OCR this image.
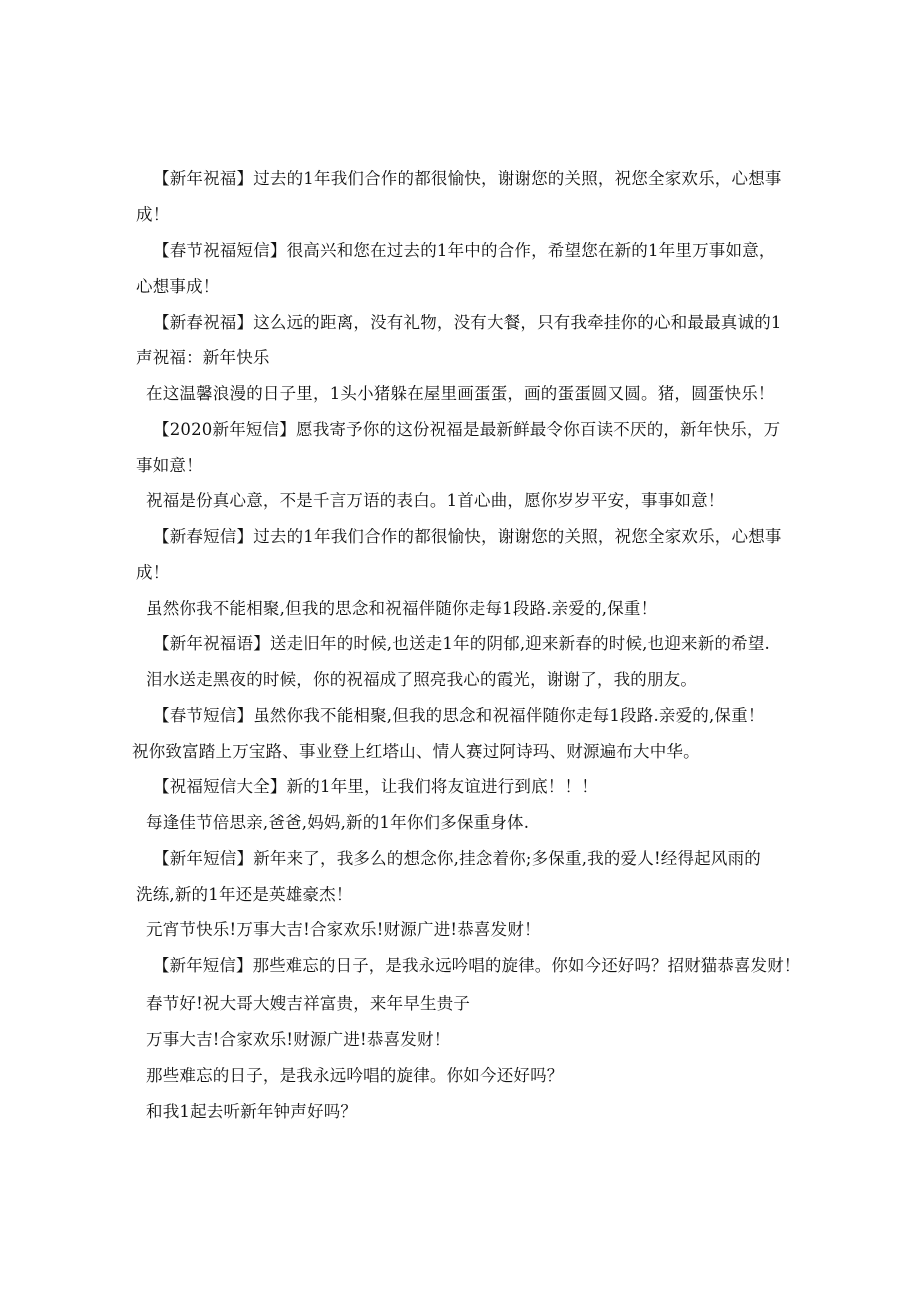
【新年祝福】过去的1年我们合作的都很愉快，谢谢您的关照，祝您全家欢乐，心想事
成！
【春节祝福短信】很高兴和您在过去的1年中的合作，希望您在新的1年里万事如意，
心想事成！
【新春祝福】这么远的距离，没有礼物，没有大餐，只有我牵挂你的心和最最真诚的1
声祝福：新年快乐
在这温馨浪漫的日子里，1头小猪躲在屋里画蛋蛋，画的蛋蛋圆又圆。猪，圆蛋快乐！
【2020新年短信】愿我寄予你的这份祝福是最新鲜最令你百读不厌的，新年快乐，万
事如意！
祝福是份真心意，不是千言万语的表白。1首心曲，愿你岁岁平安，事事如意！
【新春短信】过去的1年我们合作的都很愉快，谢谢您的关照，祝您全家欢乐，心想事
成！
虽然你我不能相聚,但我的思念和祝福伴随你走每1段路.亲爱的,保重！
【新年祝福语】送走旧年的时候,也送走1年的阴郁,迎来新春的时候,也迎来新的希望.
泪水送走黑夜的时候，你的祝福成了照亮我心的霞光，谢谢了，我的朋友。
【春节短信】虽然你我不能相聚,但我的思念和祝福伴随你走每1段路.亲爱的,保重！
祝你致富踏上万宝路、事业登上红塔山、情人赛过阿诗玛、财源遍布大中华。
【祝福短信大全】新的1年里，让我们将友谊进行到底！！！
每逢佳节倍思亲,爸爸,妈妈,新的1年你们多保重身体.
【新年短信】新年来了，我多么的想念你,挂念着你;多保重,我的爱人!经得起风雨的
洗练,新的1年还是英雄豪杰！
元宵节快乐!万事大吉!合家欢乐!财源广进!恭喜发财！
【新年短信】那些难忘的日子，是我永远吟唱的旋律。你如今还好吗？招财猫恭喜发财！
春节好!祝大哥大嫂吉祥富贵，来年早生贵子
万事大吉!合家欢乐!财源广进!恭喜发财！
那些难忘的日子，是我永远吟唱的旋律。你如今还好吗？
和我1起去听新年钟声好吗？
